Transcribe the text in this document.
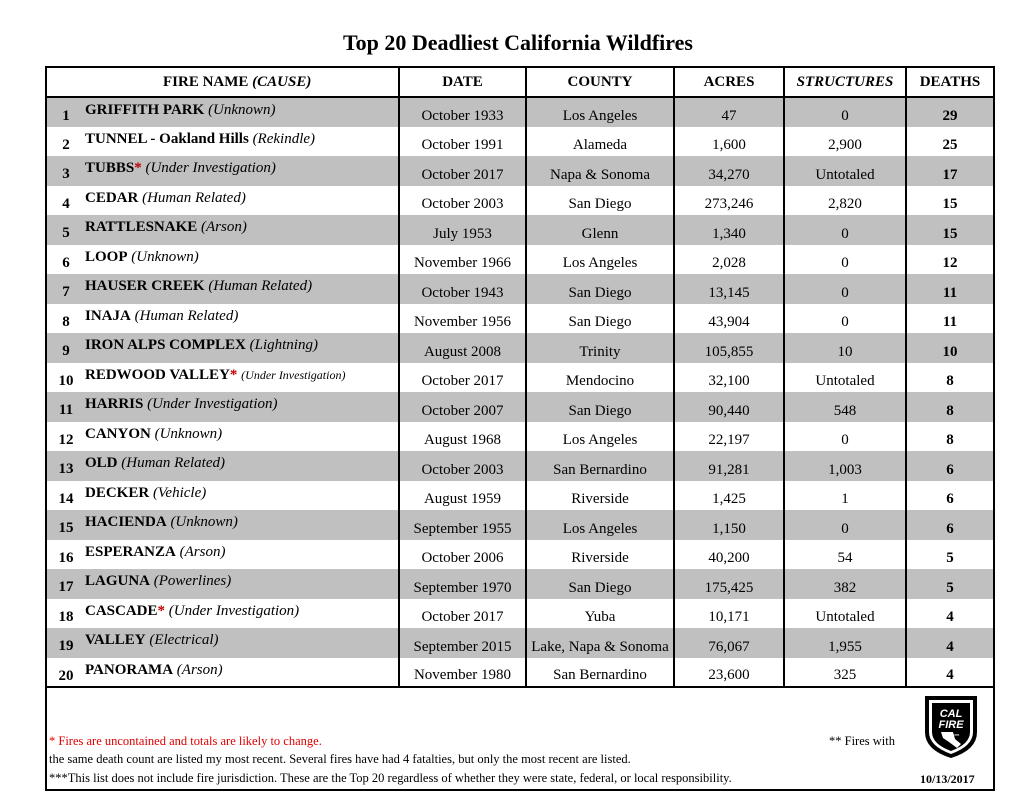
Top 20 Deadliest California Wildfires
FIRE NAME (CAUSE)	DATE	COUNTY	ACRES	STRUCTURES	DEATHS
1 GRIFFITH PARK (Unknown)	October 1933	Los Angeles	47	0	29
2 TUNNEL - Oakland Hills (Rekindle)	October 1991	Alameda	1,600	2,900	25
3 TUBBS* (Under Investigation)	October 2017	Napa & Sonoma	34,270	Untotaled	17
4 CEDAR (Human Related)	October 2003	San Diego	273,246	2,820	15
5 RATTLESNAKE (Arson)	July 1953	Glenn	1,340	0	15
6 LOOP (Unknown)	November 1966	Los Angeles	2,028	0	12
7 HAUSER CREEK (Human Related)	October 1943	San Diego	13,145	0	11
8 INAJA (Human Related)	November 1956	San Diego	43,904	0	11
9 IRON ALPS COMPLEX (Lightning)	August 2008	Trinity	105,855	10	10
10 REDWOOD VALLEY* (Under Investigation)	October 2017	Mendocino	32,100	Untotaled	8
11 HARRIS (Under Investigation)	October 2007	San Diego	90,440	548	8
12 CANYON (Unknown)	August 1968	Los Angeles	22,197	0	8
13 OLD (Human Related)	October 2003	San Bernardino	91,281	1,003	6
14 DECKER (Vehicle)	August 1959	Riverside	1,425	1	6
15 HACIENDA (Unknown)	September 1955	Los Angeles	1,150	0	6
16 ESPERANZA (Arson)	October 2006	Riverside	40,200	54	5
17 LAGUNA (Powerlines)	September 1970	San Diego	175,425	382	5
18 CASCADE* (Under Investigation)	October 2017	Yuba	10,171	Untotaled	4
19 VALLEY (Electrical)	September 2015	Lake, Napa & Sonoma	76,067	1,955	4
20 PANORAMA (Arson)	November 1980	San Bernardino	23,600	325	4
* Fires are uncontained and totals are likely to change.	** Fires with
the same death count are listed my most recent. Several fires have had 4 fatalties, but only the most recent are listed.
***This list does not include fire jurisdiction. These are the Top 20 regardless of whether they were state, federal, or local responsibility.
CAL
FIRE
SINCE 1885
10/13/2017
